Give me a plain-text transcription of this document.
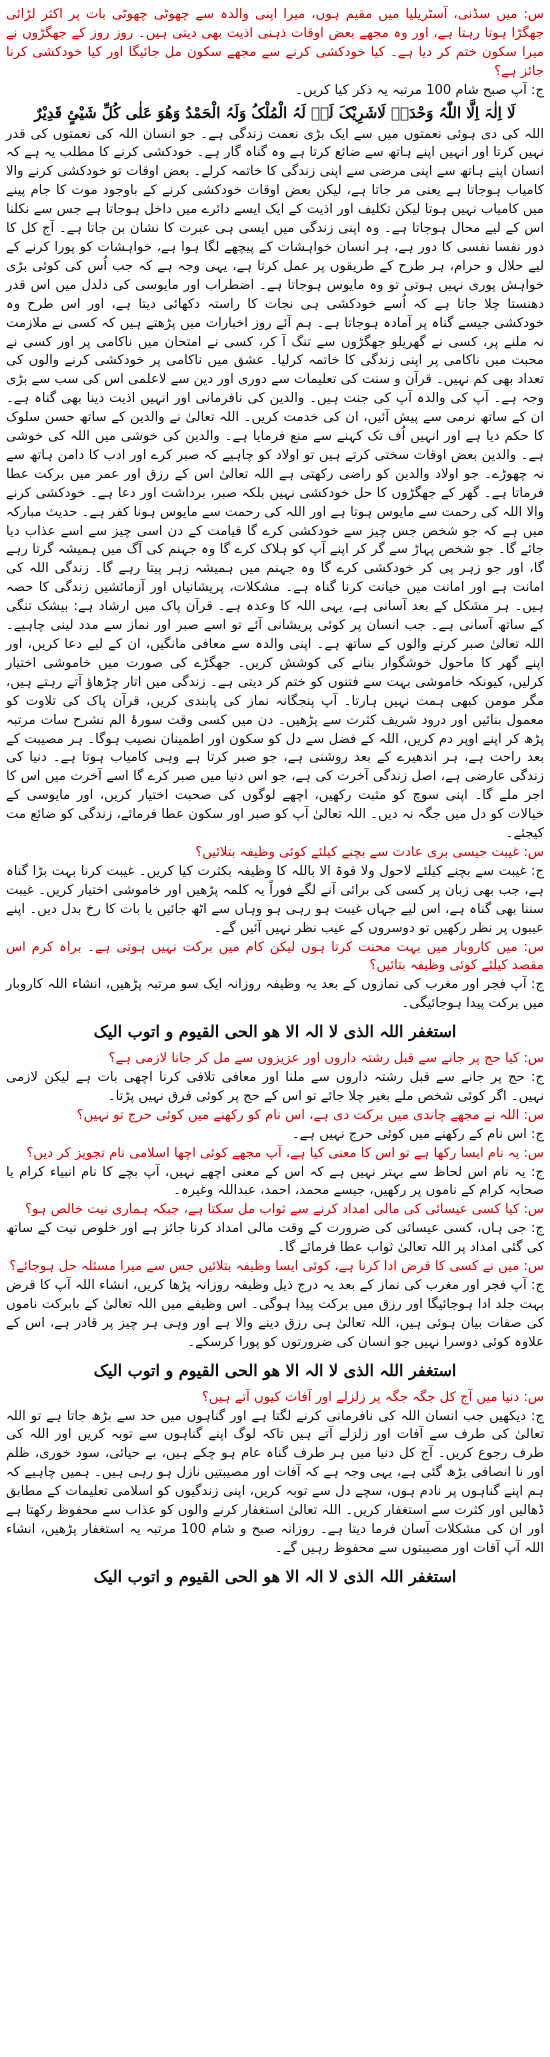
س: میں سڈنی، آسٹریلیا میں مقیم ہوں، میرا اپنی والدہ سے چھوٹی چھوٹی بات پر اکثر لڑائی جھگڑا ہوتا رہتا ہے، اور وہ مجھے بعض اوقات ذہنی اذیت بھی دیتی ہیں۔ روز روز کے جھگڑوں نے میرا سکون ختم کر دیا ہے۔ کیا خودکشی کرنے سے مجھے سکون مل جائیگا اور کیا خودکشی کرنا جائز ہے؟

ج: آپ صبح شام 100 مرتبہ یہ ذکر کیا کریں۔

لَا اِلٰہَ اِلَّا اللّٰہُ وَحْدَہٗ لَاشَرِیْکَ لَہٗ لَہُ الْمُلْکُ وَلَہُ الْحَمْدُ وَھُوَ عَلٰی کُلِّ شَیْئٍ قَدِیْرٌ

اللہ کی دی ہوئی نعمتوں میں سے ایک بڑی نعمت زندگی ہے۔ جو انسان اللہ کی نعمتوں کی قدر نہیں کرتا اور انہیں اپنے ہاتھ سے ضائع کرتا ہے وہ گناہ گار ہے۔ خودکشی کرنے کا مطلب یہ ہے کہ انسان اپنے ہاتھ سے اپنی مرضی سے اپنی زندگی کا خاتمہ کرلے۔ بعض اوقات تو خودکشی کرنے والا کامیاب ہوجاتا ہے یعنی مر جاتا ہے، لیکن بعض اوقات خودکشی کرنے کے باوجود موت کا جام پینے میں کامیاب نہیں ہوتا لیکن تکلیف اور اذیت کے ایک ایسے دائرے میں داخل ہوجاتا ہے جس سے نکلنا اس کے لیے محال ہوجاتا ہے۔ وہ اپنی زندگی میں ایسی ہی عبرت کا نشان بن جاتا ہے۔ آج کل کا دور نفسا نفسی کا دور ہے، ہر انسان خواہشات کے پیچھے لگا ہوا ہے، خواہشات کو پورا کرنے کے لیے حلال و حرام، ہر طرح کے طریقوں پر عمل کرتا ہے، یہی وجہ ہے کہ جب اُس کی کوئی بڑی خواہش پوری نہیں ہوتی تو وہ مایوس ہوجاتا ہے۔ اضطراب اور مایوسی کی دلدل میں اس قدر دھنستا چلا جاتا ہے کہ اُسے خودکشی ہی نجات کا راستہ دکھائی دیتا ہے، اور اس طرح وہ خودکشی جیسے گناہ پر آمادہ ہوجاتا ہے۔ ہم آئے روز اخبارات میں پڑھتے ہیں کہ کسی نے ملازمت نہ ملنے پر، کسی نے گھریلو جھگڑوں سے تنگ آ کر، کسی نے امتحان میں ناکامی پر اور کسی نے محبت میں ناکامی پر اپنی زندگی کا خاتمہ کرلیا۔ عشق میں ناکامی پر خودکشی کرنے والوں کی تعداد بھی کم نہیں۔ قرآن و سنت کی تعلیمات سے دوری اور دین سے لاعلمی اس کی سب سے بڑی وجہ ہے۔ آپ کی والدہ آپ کی جنت ہیں۔ والدین کی نافرمانی اور انہیں اذیت دینا بھی گناہ ہے۔ ان کے ساتھ نرمی سے پیش آئیں، ان کی خدمت کریں۔ اللہ تعالیٰ نے والدین کے ساتھ حسن سلوک کا حکم دیا ہے اور انہیں اُف تک کہنے سے منع فرمایا ہے۔ والدین کی خوشی میں اللہ کی خوشی ہے۔ والدین بعض اوقات سختی کرتے ہیں تو اولاد کو چاہیے کہ صبر کرے اور ادب کا دامن ہاتھ سے نہ چھوڑے۔ جو اولاد والدین کو راضی رکھتی ہے اللہ تعالیٰ اس کے رزق اور عمر میں برکت عطا فرماتا ہے۔ گھر کے جھگڑوں کا حل خودکشی نہیں بلکہ صبر، برداشت اور دعا ہے۔ خودکشی کرنے والا اللہ کی رحمت سے مایوس ہوتا ہے اور اللہ کی رحمت سے مایوس ہونا کفر ہے۔ حدیث مبارکہ میں ہے کہ جو شخص جس چیز سے خودکشی کرے گا قیامت کے دن اسی چیز سے اسے عذاب دیا جائے گا۔ جو شخص پہاڑ سے گر کر اپنے آپ کو ہلاک کرے گا وہ جہنم کی آگ میں ہمیشہ گرتا رہے گا، اور جو زہر پی کر خودکشی کرے گا وہ جہنم میں ہمیشہ زہر پیتا رہے گا۔ زندگی اللہ کی امانت ہے اور امانت میں خیانت کرنا گناہ ہے۔ مشکلات، پریشانیاں اور آزمائشیں زندگی کا حصہ ہیں۔ ہر مشکل کے بعد آسانی ہے، یہی اللہ کا وعدہ ہے۔ قرآن پاک میں ارشاد ہے: بیشک تنگی کے ساتھ آسانی ہے۔ جب انسان پر کوئی پریشانی آئے تو اسے صبر اور نماز سے مدد لینی چاہیے۔ اللہ تعالیٰ صبر کرنے والوں کے ساتھ ہے۔ اپنی والدہ سے معافی مانگیں، ان کے لیے دعا کریں، اور اپنے گھر کا ماحول خوشگوار بنانے کی کوشش کریں۔ جھگڑے کی صورت میں خاموشی اختیار کرلیں، کیونکہ خاموشی بہت سے فتنوں کو ختم کر دیتی ہے۔ زندگی میں اتار چڑھاؤ آتے رہتے ہیں، مگر مومن کبھی ہمت نہیں ہارتا۔ آپ پنجگانہ نماز کی پابندی کریں، قرآن پاک کی تلاوت کو معمول بنائیں اور درود شریف کثرت سے پڑھیں۔ دن میں کسی وقت سورۂ الم نشرح سات مرتبہ پڑھ کر اپنے اوپر دم کریں، اللہ کے فضل سے دل کو سکون اور اطمینان نصیب ہوگا۔ ہر مصیبت کے بعد راحت ہے، ہر اندھیرے کے بعد روشنی ہے، جو صبر کرتا ہے وہی کامیاب ہوتا ہے۔ دنیا کی زندگی عارضی ہے، اصل زندگی آخرت کی ہے، جو اس دنیا میں صبر کرے گا اسے آخرت میں اس کا اجر ملے گا۔ اپنی سوچ کو مثبت رکھیں، اچھے لوگوں کی صحبت اختیار کریں، اور مایوسی کے خیالات کو دل میں جگہ نہ دیں۔ اللہ تعالیٰ آپ کو صبر اور سکون عطا فرمائے، زندگی کو ضائع مت کیجئے۔

س: غیبت جیسی بری عادت سے بچنے کیلئے کوئی وظیفہ بتلائیں؟

ج: غیبت سے بچنے کیلئے لاحول ولا قوۃ الا باللہ کا وظیفہ بکثرت کیا کریں۔ غیبت کرنا بہت بڑا گناہ ہے، جب بھی زبان پر کسی کی برائی آنے لگے فوراً یہ کلمہ پڑھیں اور خاموشی اختیار کریں۔ غیبت سننا بھی گناہ ہے، اس لیے جہاں غیبت ہو رہی ہو وہاں سے اٹھ جائیں یا بات کا رخ بدل دیں۔ اپنے عیبوں پر نظر رکھیں تو دوسروں کے عیب نظر نہیں آئیں گے۔

س: میں کاروبار میں بہت محنت کرتا ہوں لیکن کام میں برکت نہیں ہوتی ہے۔ براہ کرم اس مقصد کیلئے کوئی وظیفہ بتائیں؟

ج: آپ فجر اور مغرب کی نمازوں کے بعد یہ وظیفہ روزانہ ایک سو مرتبہ پڑھیں، انشاء اللہ کاروبار میں برکت پیدا ہوجائیگی۔

استغفر اللہ الذی لا الہ الا ھو الحی القیوم و اتوب الیک

س: کیا حج پر جانے سے قبل رشتہ داروں اور عزیزوں سے مل کر جانا لازمی ہے؟

ج: حج پر جانے سے قبل رشتہ داروں سے ملنا اور معافی تلافی کرنا اچھی بات ہے لیکن لازمی نہیں۔ اگر کوئی شخص ملے بغیر چلا جائے تو اس کے حج پر کوئی فرق نہیں پڑتا۔

س: اللہ نے مجھے چاندی میں برکت دی ہے، اس نام کو رکھنے میں کوئی حرج تو نہیں؟

ج: اس نام کے رکھنے میں کوئی حرج نہیں ہے۔

س: یہ نام ایسا رکھا ہے تو اس کا معنی کیا ہے، آپ مجھے کوئی اچھا اسلامی نام تجویز کر دیں؟

ج: یہ نام اس لحاظ سے بہتر نہیں ہے کہ اس کے معنی اچھے نہیں، آپ بچے کا نام انبیاء کرام یا صحابہ کرام کے ناموں پر رکھیں، جیسے محمد، احمد، عبداللہ وغیرہ۔

س: کیا کسی عیسائی کی مالی امداد کرنے سے ثواب مل سکتا ہے، جبکہ ہماری نیت خالص ہو؟

ج: جی ہاں، کسی عیسائی کی ضرورت کے وقت مالی امداد کرنا جائز ہے اور خلوص نیت کے ساتھ کی گئی امداد پر اللہ تعالیٰ ثواب عطا فرمائے گا۔

س: میں نے کسی کا قرض ادا کرنا ہے، کوئی ایسا وظیفہ بتلائیں جس سے میرا مسئلہ حل ہوجائے؟

ج: آپ فجر اور مغرب کی نماز کے بعد یہ درج ذیل وظیفہ روزانہ پڑھا کریں، انشاء اللہ آپ کا قرض بہت جلد ادا ہوجائیگا اور رزق میں برکت پیدا ہوگی۔ اس وظیفے میں اللہ تعالیٰ کے بابرکت ناموں کی صفات بیان ہوئی ہیں، اللہ تعالیٰ ہی رزق دینے والا ہے اور وہی ہر چیز پر قادر ہے، اس کے علاوہ کوئی دوسرا نہیں جو انسان کی ضرورتوں کو پورا کرسکے۔

استغفر اللہ الذی لا الہ الا ھو الحی القیوم و اتوب الیک

س: دنیا میں آج کل جگہ جگہ پر زلزلے اور آفات کیوں آتے ہیں؟

ج: دیکھیں جب انسان اللہ کی نافرمانی کرنے لگتا ہے اور گناہوں میں حد سے بڑھ جاتا ہے تو اللہ تعالیٰ کی طرف سے آفات اور زلزلے آتے ہیں تاکہ لوگ اپنے گناہوں سے توبہ کریں اور اللہ کی طرف رجوع کریں۔ آج کل دنیا میں ہر طرف گناہ عام ہو چکے ہیں، بے حیائی، سود خوری، ظلم اور نا انصافی بڑھ گئی ہے، یہی وجہ ہے کہ آفات اور مصیبتیں نازل ہو رہی ہیں۔ ہمیں چاہیے کہ ہم اپنے گناہوں پر نادم ہوں، سچے دل سے توبہ کریں، اپنی زندگیوں کو اسلامی تعلیمات کے مطابق ڈھالیں اور کثرت سے استغفار کریں۔ اللہ تعالیٰ استغفار کرنے والوں کو عذاب سے محفوظ رکھتا ہے اور ان کی مشکلات آسان فرما دیتا ہے۔ روزانہ صبح و شام 100 مرتبہ یہ استغفار پڑھیں، انشاء اللہ آپ آفات اور مصیبتوں سے محفوظ رہیں گے۔

استغفر اللہ الذی لا الہ الا ھو الحی القیوم و اتوب الیک
